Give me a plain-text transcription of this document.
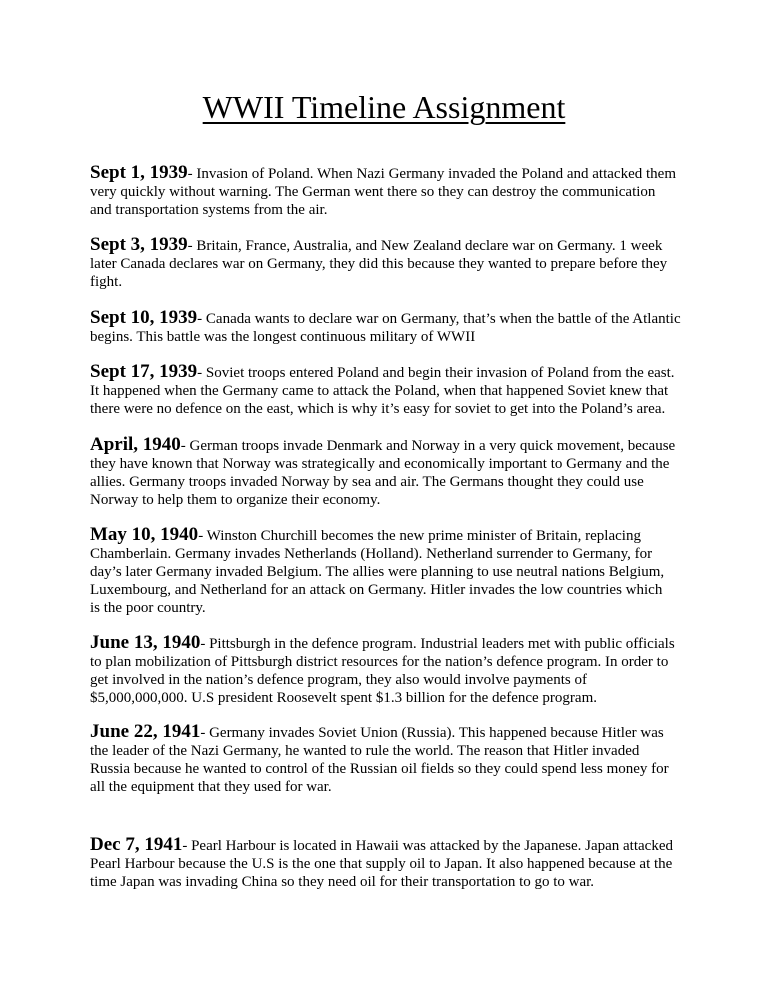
WWII Timeline Assignment
Sept 1, 1939- Invasion of Poland. When Nazi Germany invaded the Poland and attacked them
very quickly without warning. The German went there so they can destroy the communication
and transportation systems from the air.
Sept 3, 1939- Britain, France, Australia, and New Zealand declare war on Germany. 1 week
later Canada declares war on Germany, they did this because they wanted to prepare before they
fight.
Sept 10, 1939- Canada wants to declare war on Germany, that’s when the battle of the Atlantic
begins. This battle was the longest continuous military of WWII
Sept 17, 1939- Soviet troops entered Poland and begin their invasion of Poland from the east.
It happened when the Germany came to attack the Poland, when that happened Soviet knew that
there were no defence on the east, which is why it’s easy for soviet to get into the Poland’s area.
April, 1940- German troops invade Denmark and Norway in a very quick movement, because
they have known that Norway was strategically and economically important to Germany and the
allies. Germany troops invaded Norway by sea and air. The Germans thought they could use
Norway to help them to organize their economy.
May 10, 1940- Winston Churchill becomes the new prime minister of Britain, replacing
Chamberlain. Germany invades Netherlands (Holland). Netherland surrender to Germany, for
day’s later Germany invaded Belgium. The allies were planning to use neutral nations Belgium,
Luxembourg, and Netherland for an attack on Germany. Hitler invades the low countries which
is the poor country.
June 13, 1940- Pittsburgh in the defence program. Industrial leaders met with public officials
to plan mobilization of Pittsburgh district resources for the nation’s defence program. In order to
get involved in the nation’s defence program, they also would involve payments of
$5,000,000,000. U.S president Roosevelt spent $1.3 billion for the defence program.
June 22, 1941- Germany invades Soviet Union (Russia). This happened because Hitler was
the leader of the Nazi Germany, he wanted to rule the world. The reason that Hitler invaded
Russia because he wanted to control of the Russian oil fields so they could spend less money for
all the equipment that they used for war.
Dec 7, 1941- Pearl Harbour is located in Hawaii was attacked by the Japanese. Japan attacked
Pearl Harbour because the U.S is the one that supply oil to Japan. It also happened because at the
time Japan was invading China so they need oil for their transportation to go to war.
